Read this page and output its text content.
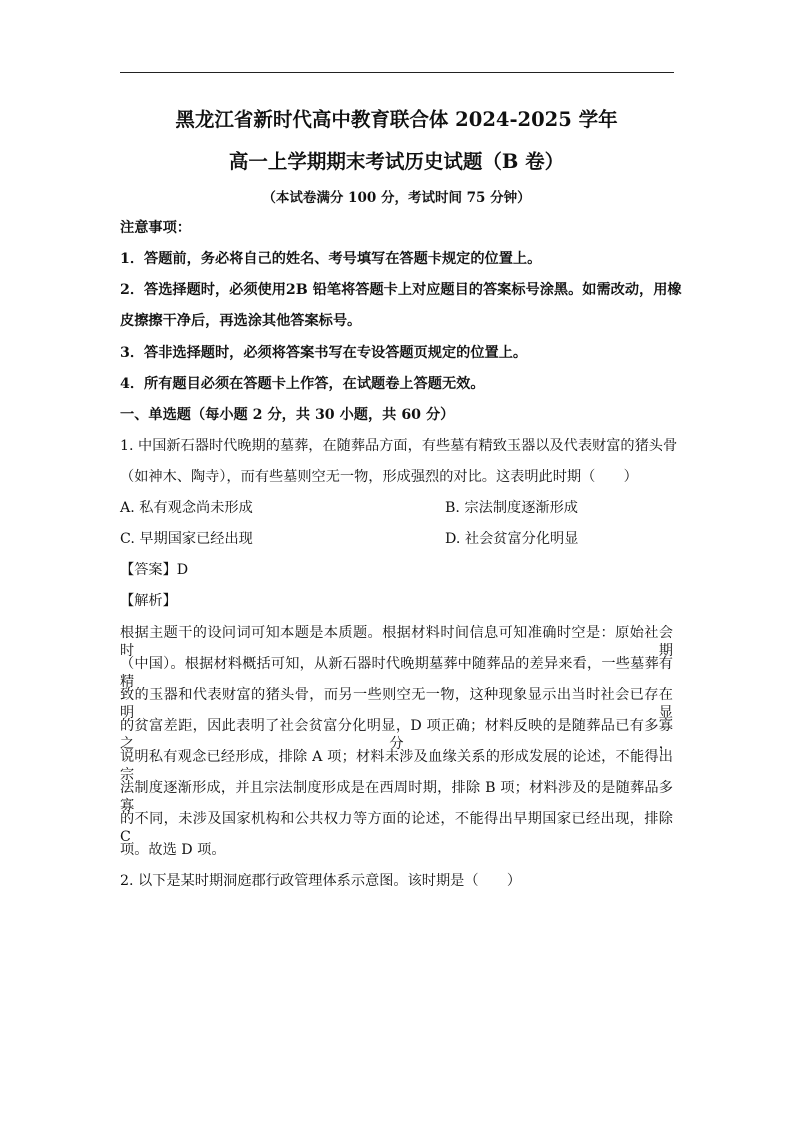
黑龙江省新时代高中教育联合体 2024-2025 学年
高一上学期期末考试历史试题（B 卷）
（本试卷满分 100 分，考试时间 75 分钟）
注意事项：
1．答题前，务必将自己的姓名、考号填写在答题卡规定的位置上。
2．答选择题时，必须使用2B 铅笔将答题卡上对应题目的答案标号涂黑。如需改动，用橡
皮擦擦干净后，再选涂其他答案标号。
3．答非选择题时，必须将答案书写在专设答题页规定的位置上。
4．所有题目必须在答题卡上作答，在试题卷上答题无效。
一、单选题（每小题 2 分，共 30 小题，共 60 分）
1. 中国新石器时代晚期的墓葬，在随葬品方面，有些墓有精致玉器以及代表财富的猪头骨
（如神木、陶寺），而有些墓则空无一物，形成强烈的对比。这表明此时期（　　）
A. 私有观念尚未形成	B. 宗法制度逐渐形成
C. 早期国家已经出现	D. 社会贫富分化明显
【答案】D
【解析】
根据主题干的设问词可知本题是本质题。根据材料时间信息可知准确时空是：原始社会时期
（中国）。根据材料概括可知，从新石器时代晚期墓葬中随葬品的差异来看，一些墓葬有精
致的玉器和代表财富的猪头骨，而另一些则空无一物，这种现象显示出当时社会已存在明显
的贫富差距，因此表明了社会贫富分化明显，D 项正确；材料反映的是随葬品已有多寡之分，
说明私有观念已经形成，排除 A 项；材料未涉及血缘关系的形成发展的论述，不能得出宗
法制度逐渐形成，并且宗法制度形成是在西周时期，排除 B 项；材料涉及的是随葬品多寡
的不同，未涉及国家机构和公共权力等方面的论述，不能得出早期国家已经出现，排除 C
项。故选 D 项。
2. 以下是某时期洞庭郡行政管理体系示意图。该时期是（　　）
